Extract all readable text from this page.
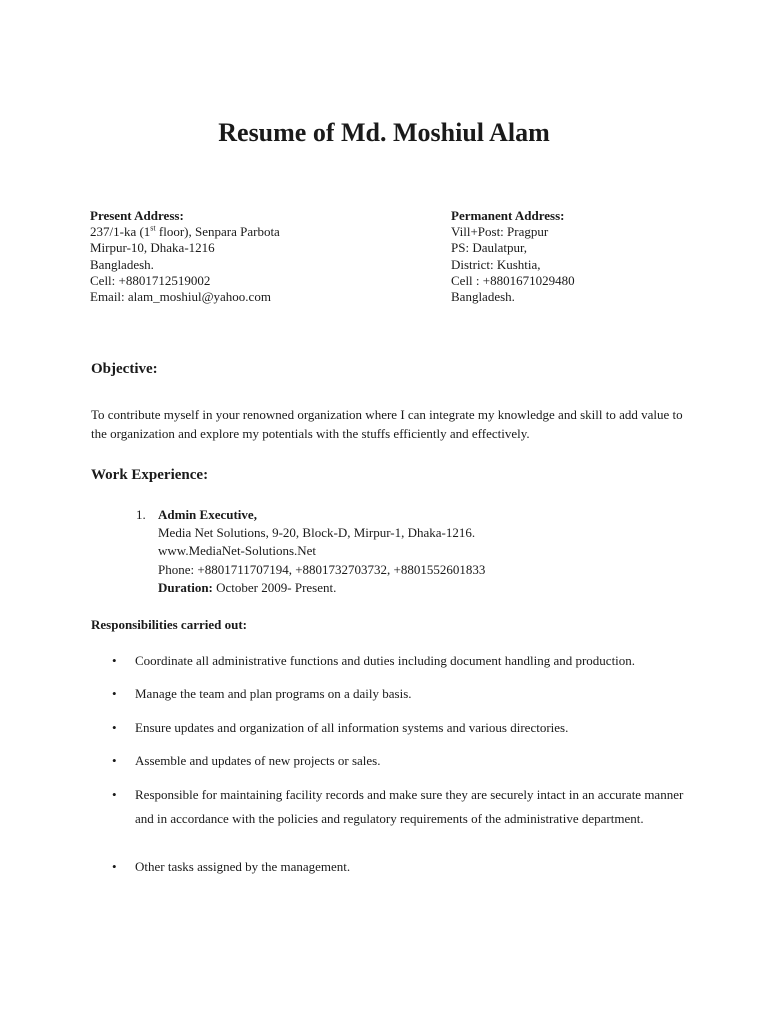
Resume of Md. Moshiul Alam
Present Address:
237/1-ka (1st floor), Senpara Parbota
Mirpur-10, Dhaka-1216
Bangladesh.
Cell: +8801712519002
Email: alam_moshiul@yahoo.com
Permanent Address:
Vill+Post: Pragpur
PS: Daulatpur,
District: Kushtia,
Cell : +8801671029480
Bangladesh.
Objective:

To contribute myself in your renowned organization where I can integrate my knowledge and skill to add value to the organization and explore my potentials with the stuffs efficiently and effectively.

Work Experience:
1. Admin Executive,
Media Net Solutions, 9-20, Block-D, Mirpur-1, Dhaka-1216.
www.MediaNet-Solutions.Net
Phone: +8801711707194, +8801732703732, +8801552601833
Duration: October 2009- Present.
Responsibilities carried out:
• Coordinate all administrative functions and duties including document handling and production.
• Manage the team and plan programs on a daily basis.
• Ensure updates and organization of all information systems and various directories.
• Assemble and updates of new projects or sales.
• Responsible for maintaining facility records and make sure they are securely intact in an accurate manner and in accordance with the policies and regulatory requirements of the administrative department.
• Other tasks assigned by the management.
